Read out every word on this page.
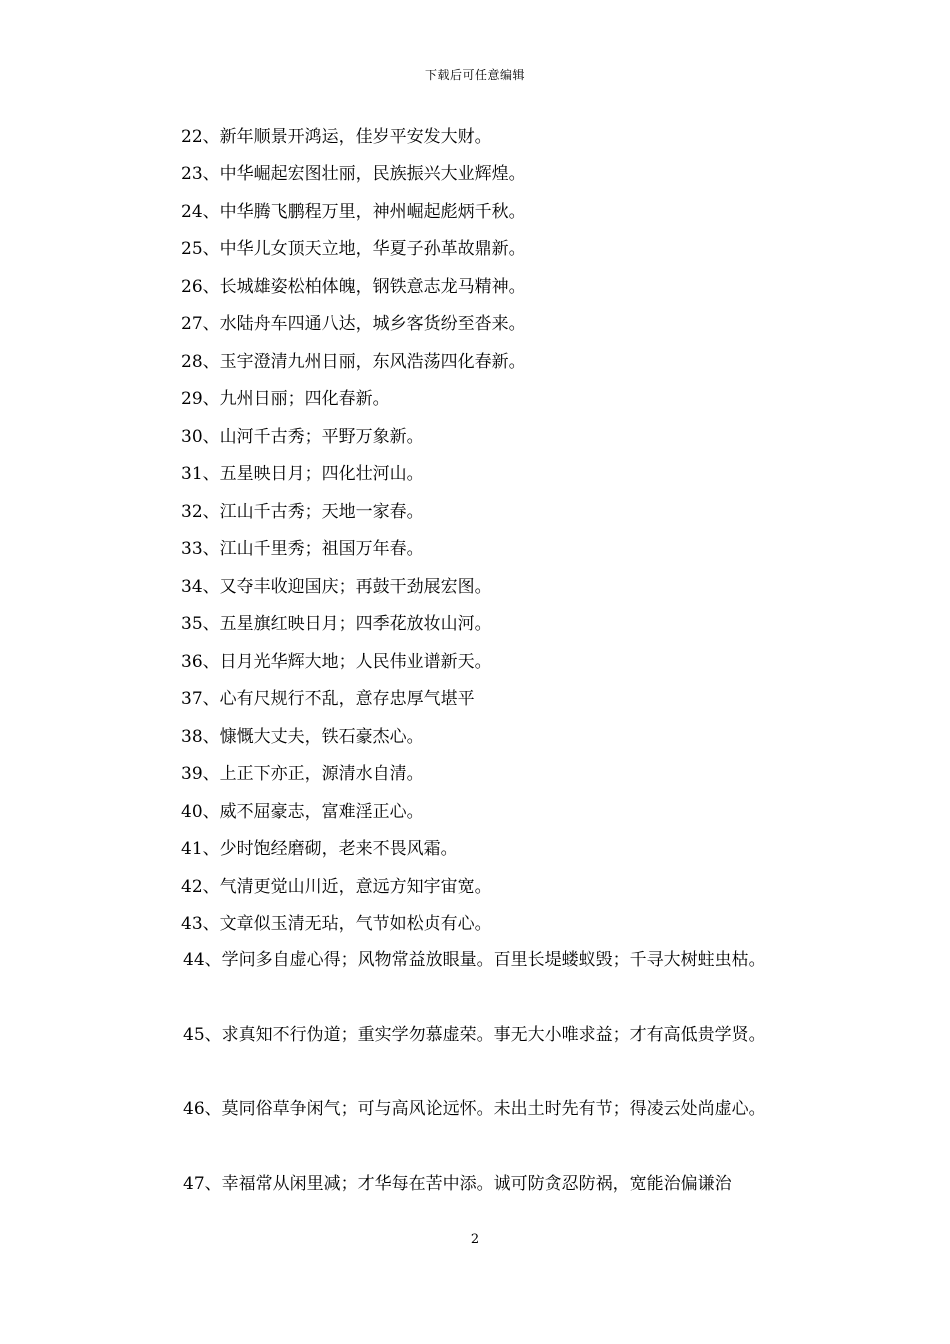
下载后可任意编辑
22、新年顺景开鸿运，佳岁平安发大财。
23、中华崛起宏图壮丽，民族振兴大业辉煌。
24、中华腾飞鹏程万里，神州崛起彪炳千秋。
25、中华儿女顶天立地，华夏子孙革故鼎新。
26、长城雄姿松柏体魄，钢铁意志龙马精神。
27、水陆舟车四通八达，城乡客货纷至沓来。
28、玉宇澄清九州日丽，东风浩荡四化春新。
29、九州日丽；四化春新。
30、山河千古秀；平野万象新。
31、五星映日月；四化壮河山。
32、江山千古秀；天地一家春。
33、江山千里秀；祖国万年春。
34、又夺丰收迎国庆；再鼓干劲展宏图。
35、五星旗红映日月；四季花放妆山河。
36、日月光华辉大地；人民伟业谱新天。
37、心有尺规行不乱，意存忠厚气堪平
38、慷慨大丈夫，铁石豪杰心。
39、上正下亦正，源清水自清。
40、威不屈豪志，富难淫正心。
41、少时饱经磨砌，老来不畏风霜。
42、气清更觉山川近，意远方知宇宙宽。
43、文章似玉清无玷，气节如松贞有心。
44、学问多自虚心得；风物常益放眼量。百里长堤蝼蚁毁；千寻大树蛀虫枯。
45、求真知不行伪道；重实学勿慕虚荣。事无大小唯求益；才有高低贵学贤。
46、莫同俗草争闲气；可与高风论远怀。未出土时先有节；得凌云处尚虚心。
47、幸福常从闲里减；才华每在苦中添。诚可防贪忍防祸，宽能治偏谦治
2
